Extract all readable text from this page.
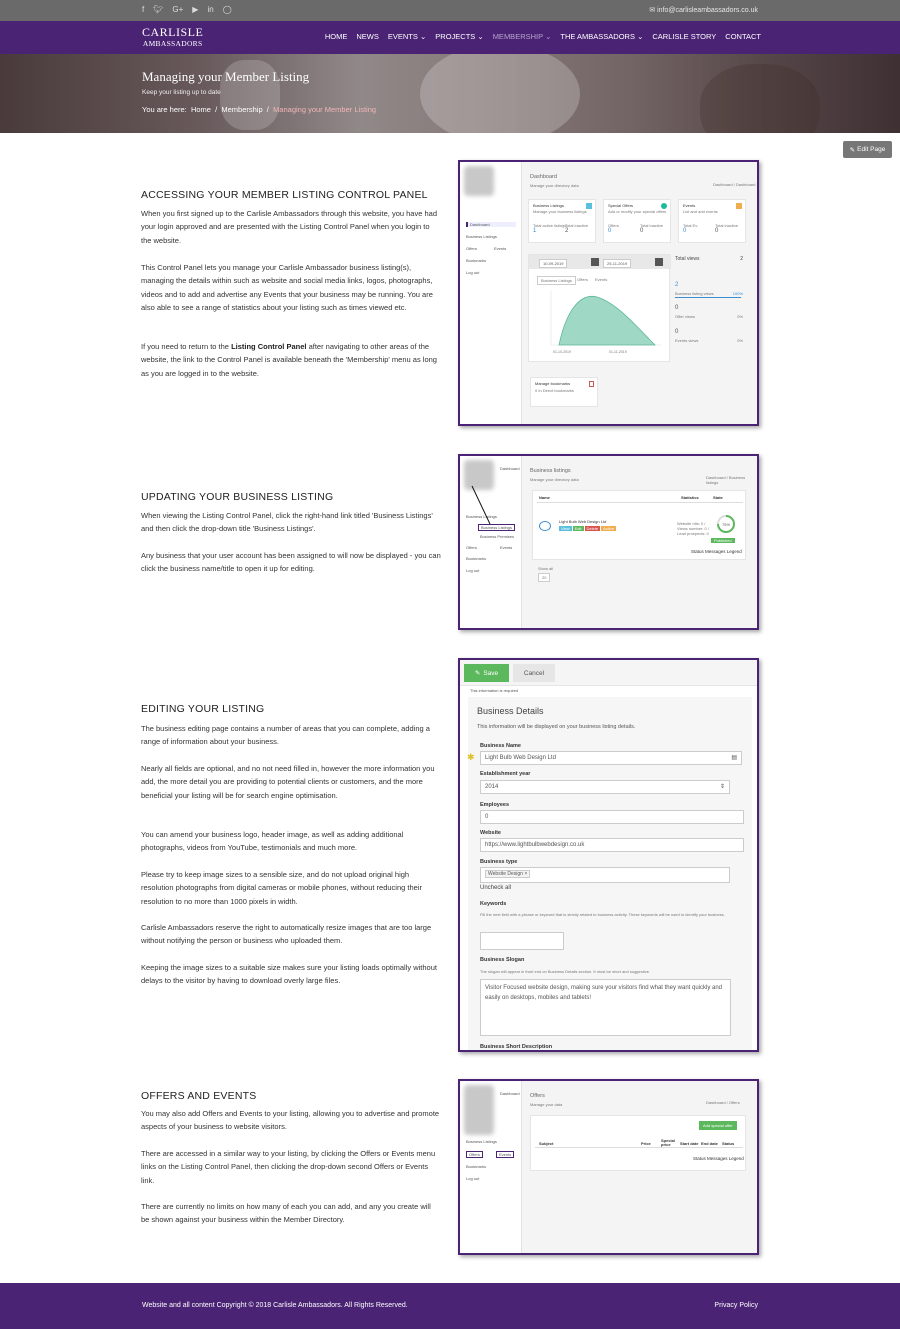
f 🐦︎ G+ ▶ in ◯	✉ info@carlisleambassadors.co.uk
CARLISLE
AMBASSADORS
HOME NEWS EVENTS ⌄ PROJECTS ⌄ MEMBERSHIP ⌄ THE AMBASSADORS ⌄ CARLISLE STORY CONTACT
Managing your Member Listing
Keep your listing up to date
You are here: Home  /  Membership  /  Managing your Member Listing
✎ Edit Page
ACCESSING YOUR MEMBER LISTING CONTROL PANEL
When you first signed up to the Carlisle Ambassadors through this website, you have had your login approved and are presented with the Listing Control Panel when you login to the website.
This Control Panel lets you manage your Carlisle Ambassador business listing(s), managing the details within such as website and social media links, logos, photographs, videos and to add and advertise any Events that your business may be running. You are also able to see a range of statistics about your listing such as times viewed etc.
If you need to return to the Listing Control Panel after navigating to other areas of the website, the link to the Control Panel is available beneath the 'Membership' menu as long as you are logged in to the website.
Dashboard
Business Listings
Offers	Events
Bookmarks
Log out
Dashboard
Manage your directory data	Dashboard / Dashboard
Business Listings
Manage your business listings
Total active listings
1
Total inactive
2
Special Offers
Add or modify your special offers
Offers
0
Total inactive
0
Events
List and add events
Total Ev.
0
Total inactive
0
10-09-2019	25-11-2019
Business Listings	Offers Events
01-10-2019	01-11-2019
Total views	2
2
Business listing views	100%
0
Offer views	0%
0
Events views	0%
Manage bookmarks
0 In Direct bookmarks
UPDATING YOUR BUSINESS LISTING
When viewing the Listing Control Panel, click the right-hand link titled 'Business Listings' and then click the drop-down title 'Business Listings'.
Any business that your user account has been assigned to will now be displayed - you can click the business name/title to open it up for editing.
Dashboard
Business Listings
Business Listings
Business Premises
Offers	Events
Bookmarks
Log out
Business listings
Manage your directory data	Dashboard / Business listings
Name	Statistics	State
Light Bulb Web Design Ltd
View	Edit	Delete	Active
Website hits: 0 / Views number: 0 / Lead prospects: 0
75%
Published
Status Messages Legend
Show all
20
EDITING YOUR LISTING
The business editing page contains a number of areas that you can complete, adding a range of information about your business.
Nearly all fields are optional, and no not need filled in, however the more information you add, the more detail you are providing to potential clients or customers, and the more beneficial your listing will be for search engine optimisation.
You can amend your business logo, header image, as well as adding additional photographs, videos from YouTube, testimonials and much more.
Please try to keep image sizes to a sensible size, and do not upload original high resolution photographs from digital cameras or mobile phones, without reducing their resolution to no more than 1000 pixels in width.
Carlisle Ambassadors reserve the right to automatically resize images that are too large without notifying the person or business who uploaded them.
Keeping the image sizes to a suitable size makes sure your listing loads optimally without delays to the visitor by having to download overly large files.
✎ Save	Cancel
This information is required
Business Details
This information will be displayed on your business listing details.
✱
Business Name
Light Bulb Web Design Ltd	▤
Establishment year
2014	⇕
Employees
0
Website
https://www.lightbulbwebdesign.co.uk
Business type
Website Design ×
Uncheck all
Keywords
Fill the next field with a phrase or keyword that is strictly related to business activity. These keywords will be used to identify your business.
Business Slogan
The slogan will appear in front end on Business Details section. It must be short and suggestive.
Visitor Focused website design, making sure your visitors find what they want quickly and easily on desktops, mobiles and tablets!
Business Short Description
OFFERS AND EVENTS
You may also add Offers and Events to your listing, allowing you to advertise and promote aspects of your business to website visitors.
There are accessed in a similar way to your listing, by clicking the Offers or Events menu links on the Listing Control Panel, then clicking the drop-down second Offers or Events link.
There are currently no limits on how many of each you can add, and any you create will be shown against your business within the Member Directory.
Dashboard
Business Listings
Offers	Events
Bookmarks
Log out
Offers
Manage your data	Dashboard / Offers
Add special offer
Subject	Price
Special price	Start date End date Status
Status Messages Legend
Website and all content Copyright © 2018 Carlisle Ambassadors. All Rights Reserved.	Privacy Policy
